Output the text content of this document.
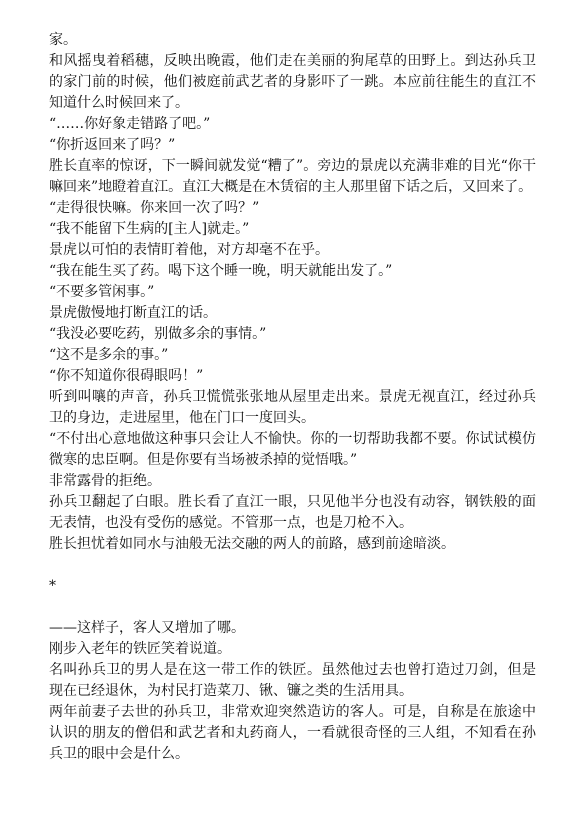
家。

和风摇曳着稻穗，反映出晚霞，他们走在美丽的狗尾草的田野上。到达孙兵卫的家门前的时候，他们被庭前武艺者的身影吓了一跳。本应前往能生的直江不知道什么时候回来了。

“……你好象走错路了吧。”

“你折返回来了吗？”

胜长直率的惊讶，下一瞬间就发觉“糟了”。旁边的景虎以充满非难的目光“你干嘛回来”地瞪着直江。直江大概是在木赁宿的主人那里留下话之后，又回来了。

“走得很快嘛。你来回一次了吗？”

“我不能留下生病的[主人]就走。”

景虎以可怕的表情盯着他，对方却毫不在乎。

“我在能生买了药。喝下这个睡一晚，明天就能出发了。”

“不要多管闲事。”

景虎傲慢地打断直江的话。

“我没必要吃药，别做多余的事情。”

“这不是多余的事。”

“你不知道你很碍眼吗！”

听到叫嚷的声音，孙兵卫慌慌张张地从屋里走出来。景虎无视直江，经过孙兵卫的身边，走进屋里，他在门口一度回头。

“不付出心意地做这种事只会让人不愉快。你的一切帮助我都不要。你试试模仿微寒的忠臣啊。但是你要有当场被杀掉的觉悟哦。”

非常露骨的拒绝。

孙兵卫翻起了白眼。胜长看了直江一眼，只见他半分也没有动容，钢铁般的面无表情，也没有受伤的感觉。不管那一点，也是刀枪不入。

胜长担忧着如同水与油般无法交融的两人的前路，感到前途暗淡。

*

——这样子，客人又增加了哪。

刚步入老年的铁匠笑着说道。

名叫孙兵卫的男人是在这一带工作的铁匠。虽然他过去也曾打造过刀剑，但是现在已经退休，为村民打造菜刀、锹、镰之类的生活用具。

两年前妻子去世的孙兵卫，非常欢迎突然造访的客人。可是，自称是在旅途中认识的朋友的僧侣和武艺者和丸药商人，一看就很奇怪的三人组，不知看在孙兵卫的眼中会是什么。
